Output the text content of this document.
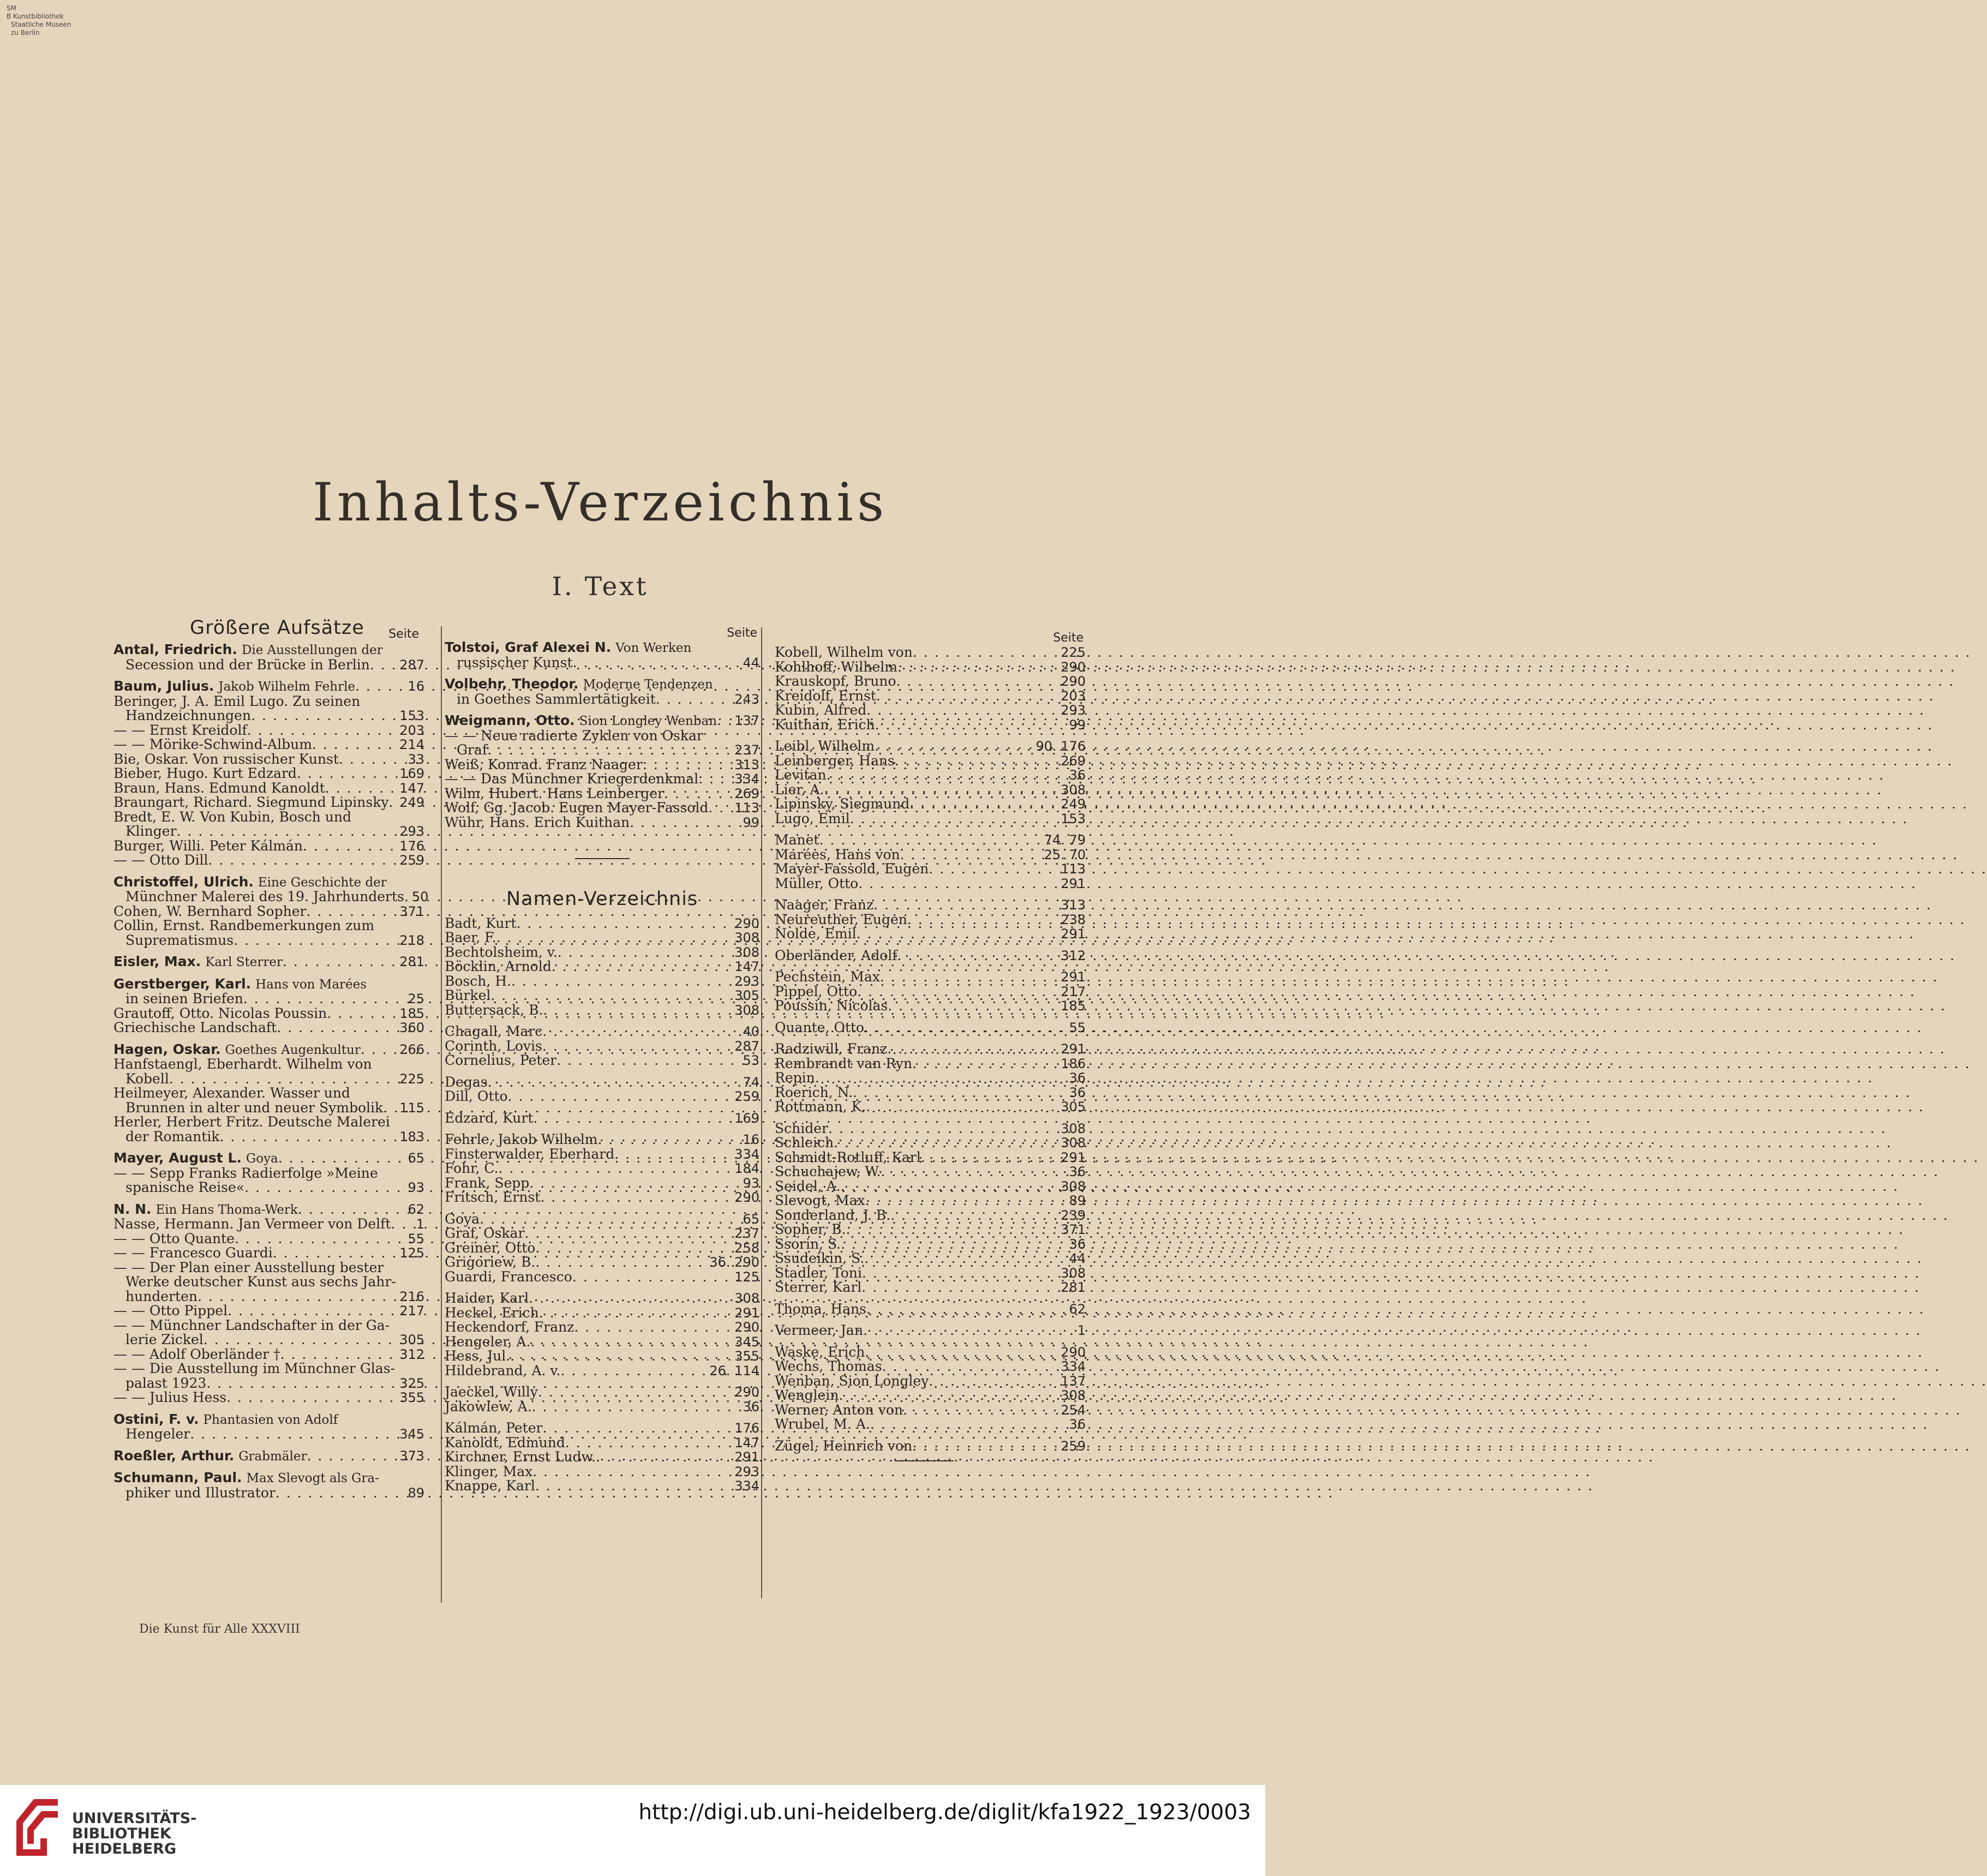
SM
B Kunstbibliothek
Staatliche Museen
zu Berlin
Inhalts-Verzeichnis
I. Text
Größere Aufsätze Seite
Antal, Friedrich. Die Ausstellungen der
Secession und der Brücke in Berlin . . . 287
Baum, Julius. Jakob Wilhelm Fehrle . . .	16
Beringer, J. A. Emil Lugo. Zu seinen
Handzeichnungen . . .	153
— — Ernst Kreidolf . . .	203
— — Mörike-Schwind-Album . . .	214
Bie, Oskar. Von russischer Kunst . . .	33
Bieber, Hugo. Kurt Edzard . . .	169
Braun, Hans. Edmund Kanoldt . . .	147
Braungart, Richard. Siegmund Lipinsky . . . 249
Bredt, E. W. Von Kubin, Bosch und
Klinger . . .	293
Burger, Willi. Peter Kálmán . . .	176
— — Otto Dill . . .	259
Christoffel, Ulrich. Eine Geschichte der
Münchner Malerei des 19. Jahrhunderts . . . 50
Cohen, W. Bernhard Sopher . . .	371
Collin, Ernst. Randbemerkungen zum
Suprematismus . . .	218
Eisler, Max. Karl Sterrer . . .	281
Gerstberger, Karl. Hans von Marées
in seinen Briefen . . .	25
Grautoff, Otto. Nicolas Poussin . . .	185
Griechische Landschaft . . .	360
Hagen, Oskar. Goethes Augenkultur . . .	266
Hanfstaengl, Eberhardt. Wilhelm von
Kobell . . .	225
Heilmeyer, Alexander. Wasser und
Brunnen in alter und neuer Symbolik . . . 115
Herler, Herbert Fritz. Deutsche Malerei
der Romantik . . .	183
Mayer, August L. Goya . . .	65
— — Sepp Franks Radierfolge »Meine
spanische Reise« . . .	93
N. N. Ein Hans Thoma-Werk . . .	62
Nasse, Hermann. Jan Vermeer von Delft . . . 1
— — Otto Quante . . .	55
— — Francesco Guardi . . .	125
— — Der Plan einer Ausstellung bester
Werke deutscher Kunst aus sechs Jahr-
hunderten . . .	216
— — Otto Pippel . . .	217
— — Münchner Landschafter in der Ga-
lerie Zickel . . .	305
— — Adolf Oberländer † . . .	312
— — Die Ausstellung im Münchner Glas-
palast 1923 . . .	325
— — Julius Hess . . .	355
Ostini, F. v. Phantasien von Adolf
Hengeler . . .	345
Roeßler, Arthur. Grabmäler . . .	373
Schumann, Paul. Max Slevogt als Gra-
phiker und Illustrator . . .	89
Seite
Tolstoi, Graf Alexei N. Von Werken
russischer Kunst . . .	44
Volbehr, Theodor. Moderne Tendenzen
in Goethes Sammlertätigkeit . . .	243
Weigmann, Otto. Sion Longley Wenban . . . 137
— — Neue radierte Zyklen von Oskar
Graf . . .	237
Weiß, Konrad. Franz Naager . . .	313
— — Das Münchner Kriegerdenkmal . . .	334
Wilm, Hubert. Hans Leinberger . . .	269
Wolf, Gg. Jacob. Eugen Mayer-Fassold . . . 113
Wühr, Hans. Erich Kuithan . . .	99
Namen-Verzeichnis
Badt, Kurt . . .	290
Baer, F. . . .	308
Bechtolsheim, v. . . .	308
Böcklin, Arnold . . .	147
Bosch, H. . . .	293
Bürkel . . .	305
Buttersack, B. . . .	308
Chagall, Marc . . .	40
Corinth, Lovis . . .	287
Cornelius, Peter . . .	53
Degas . . .	74
Dill, Otto . . .	259
Edzard, Kurt . . .	169
Fehrle, Jakob Wilhelm . . .	16
Finsterwalder, Eberhard . . .	334
Fohr, C. . . .	184
Frank, Sepp . . .	93
Fritsch, Ernst . . .	290
Goya . . .	65
Graf, Oskar . . .	237
Greiner, Otto . . .	258
Grigoriew, B. . . .	36. 290
Guardi, Francesco . . .	125
Haider, Karl . . .	308
Heckel, Erich . . .	291
Heckendorf, Franz . . .	290
Hengeler, A. . . .	345
Hess, Jul. . . .	355
Hildebrand, A. v. . . .	26. 114
Jaeckel, Willy . . .	290
Jakowlew, A. . . .	36
Kálmán, Peter . . .	176
Kanoldt, Edmund . . .	147
Kirchner, Ernst Ludw. . . .	291
Klinger, Max . . .	293
Knappe, Karl . . .	334
Seite
Kobell, Wilhelm von . . .	225
Kohlhoff, Wilhelm . . .	290
Krauskopf, Bruno . . .	290
Kreidolf, Ernst . . .	203
Kubin, Alfred . . .	293
Kuithan, Erich . . .	99
Leibl, Wilhelm . . .	90. 176
Leinberger, Hans . . .	269
Levitan . . .	36
Lier, A. . . .	308
Lipinsky, Siegmund . . .	249
Lugo, Emil . . .	153
Manet . . .	74. 79
Marées, Hans von . . .	25. 70
Mayer-Fassold, Eugen . . .	113
Müller, Otto . . .	291
Naager, Franz . . .	313
Neureuther, Eugen . . .	238
Nolde, Emil . . .	291
Oberländer, Adolf . . .	312
Pechstein, Max . . .	291
Pippel, Otto . . .	217
Poussin, Nicolas . . .	185
Quante, Otto . . .	55
Radziwill, Franz . . .	291
Rembrandt van Ryn . . .	186
Repin . . .	36
Roerich, N. . . .	36
Rottmann, K. . . .	305
Schider . . .	308
Schleich . . .	308
Schmidt-Rotluff, Karl . . .	291
Schuchajew, W. . . .	36
Seidel, A. . . .	308
Slevogt, Max . . .	89
Sonderland, J. B. . . .	239
Sopher, B. . . .	371
Ssorin, S. . . .	36
Ssudeikin, S. . . .	44
Stadler, Toni . . .	308
Sterrer, Karl . . .	281
Thoma, Hans . . .	62
Vermeer, Jan . . .	1
Waske, Erich . . .	290
Wechs, Thomas . . .	334
Wenban, Sion Longley . . .	137
Wenglein . . .	308
Werner, Anton von . . .	254
Wrubel, M. A. . . .	36
Zügel, Heinrich von . . .	259
Die Kunst für Alle XXXVIII
UNIVERSITÄTS-
BIBLIOTHEK
HEIDELBERG
http://digi.ub.uni-heidelberg.de/diglit/kfa1922_1923/0003
